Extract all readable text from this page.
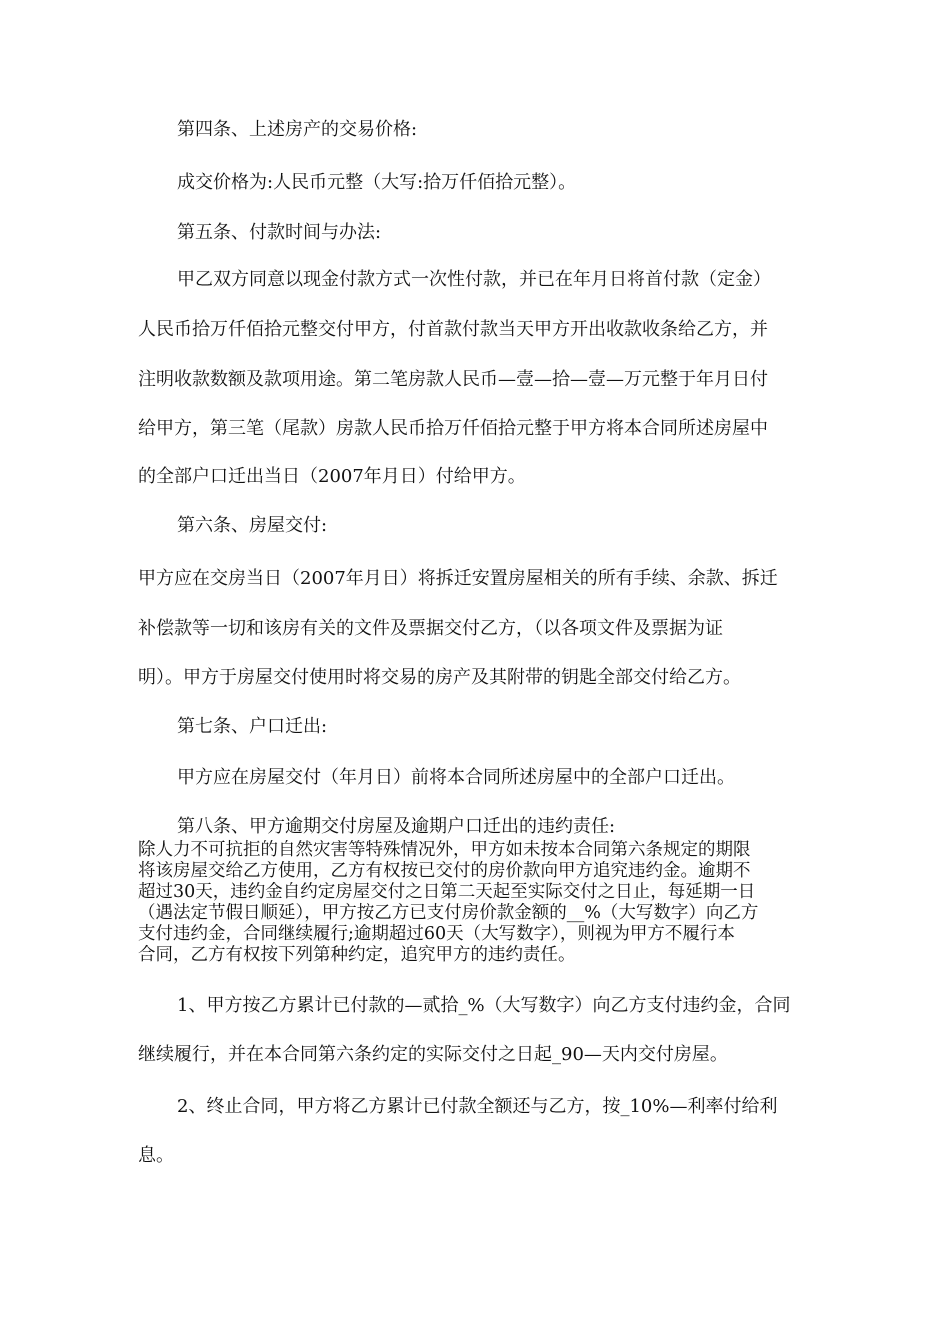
第四条、上述房产的交易价格:
成交价格为:人民币元整（大写:拾万仟佰拾元整）。
第五条、付款时间与办法:
甲乙双方同意以现金付款方式一次性付款，并已在年月日将首付款（定金）
人民币拾万仟佰拾元整交付甲方，付首款付款当天甲方开出收款收条给乙方，并
注明收款数额及款项用途。第二笔房款人民币—壹—拾—壹—万元整于年月日付
给甲方，第三笔（尾款）房款人民币拾万仟佰拾元整于甲方将本合同所述房屋中
的全部户口迁出当日（2007年月日）付给甲方。
第六条、房屋交付:
甲方应在交房当日（2007年月日）将拆迁安置房屋相关的所有手续、余款、拆迁
补偿款等一切和该房有关的文件及票据交付乙方，（以各项文件及票据为证
明）。甲方于房屋交付使用时将交易的房产及其附带的钥匙全部交付给乙方。
第七条、户口迁出:
甲方应在房屋交付（年月日）前将本合同所述房屋中的全部户口迁出。
第八条、甲方逾期交付房屋及逾期户口迁出的违约责任:
除人力不可抗拒的自然灾害等特殊情况外，甲方如未按本合同第六条规定的期限
将该房屋交给乙方使用，乙方有权按已交付的房价款向甲方追究违约金。逾期不
超过30天，违约金自约定房屋交付之日第二天起至实际交付之日止，每延期一日
（遇法定节假日顺延），甲方按乙方已支付房价款金额的__%（大写数字）向乙方
支付违约金，合同继续履行;逾期超过60天（大写数字），则视为甲方不履行本
合同，乙方有权按下列第种约定，追究甲方的违约责任。
1、甲方按乙方累计已付款的—贰拾_%（大写数字）向乙方支付违约金，合同
继续履行，并在本合同第六条约定的实际交付之日起_90—天内交付房屋。
2、终止合同，甲方将乙方累计已付款全额还与乙方，按_10%—利率付给利
息。
